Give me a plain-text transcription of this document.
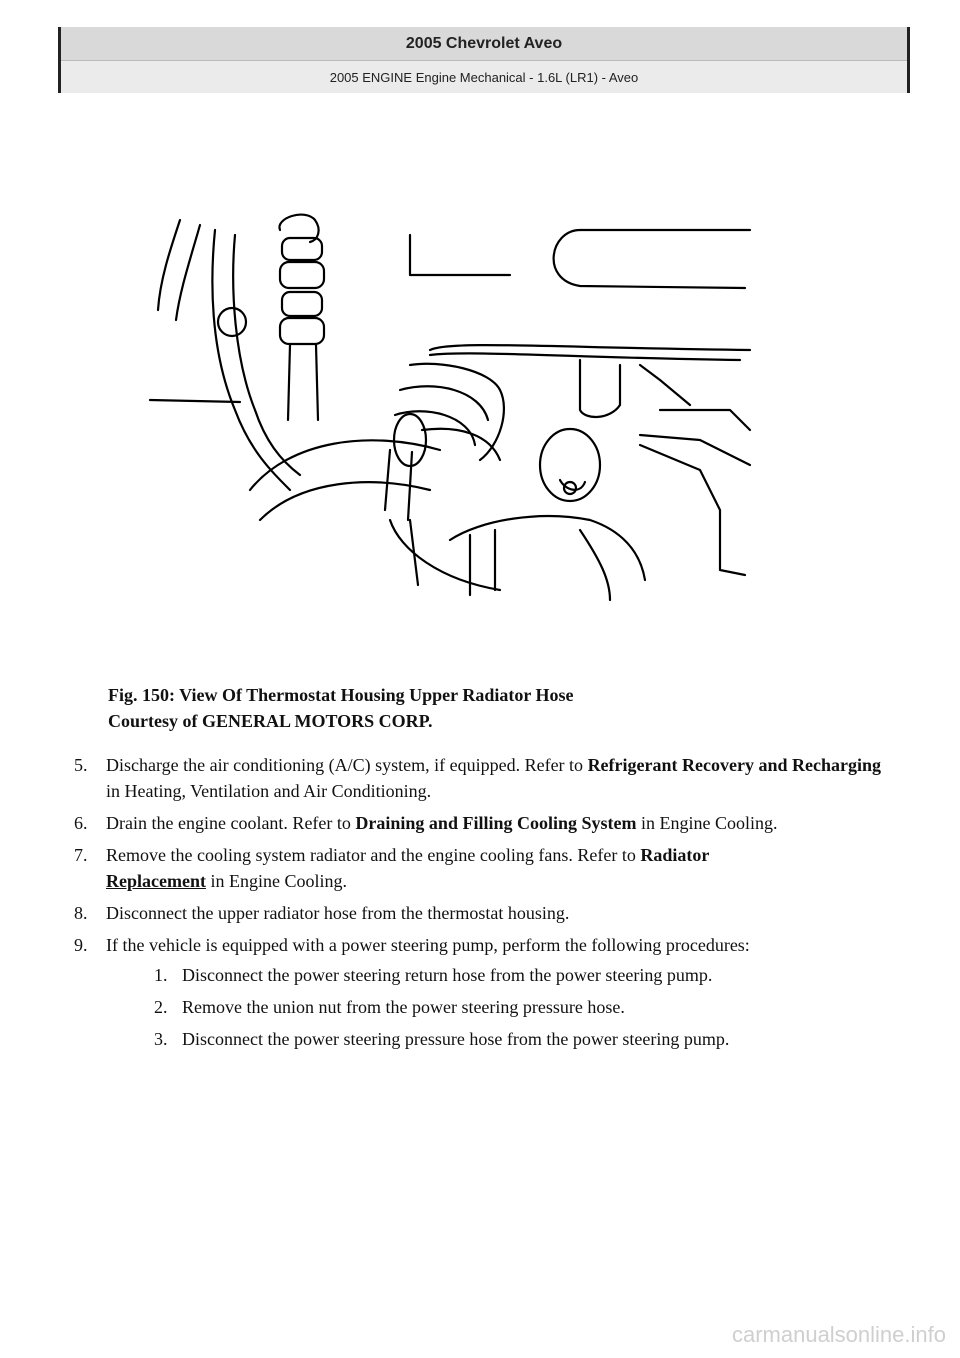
2005 Chevrolet Aveo
2005 ENGINE Engine Mechanical - 1.6L (LR1) - Aveo
Fig. 150: View Of Thermostat Housing Upper Radiator Hose
Courtesy of GENERAL MOTORS CORP.
5. Discharge the air conditioning (A/C) system, if equipped. Refer to Refrigerant Recovery and Recharging in Heating, Ventilation and Air Conditioning.
6. Drain the engine coolant. Refer to Draining and Filling Cooling System in Engine Cooling.
7. Remove the cooling system radiator and the engine cooling fans. Refer to Radiator
Replacement in Engine Cooling.
8. Disconnect the upper radiator hose from the thermostat housing.
9. If the vehicle is equipped with a power steering pump, perform the following procedures:
1. Disconnect the power steering return hose from the power steering pump.
2. Remove the union nut from the power steering pressure hose.
3. Disconnect the power steering pressure hose from the power steering pump.
carmanualsonline.info
